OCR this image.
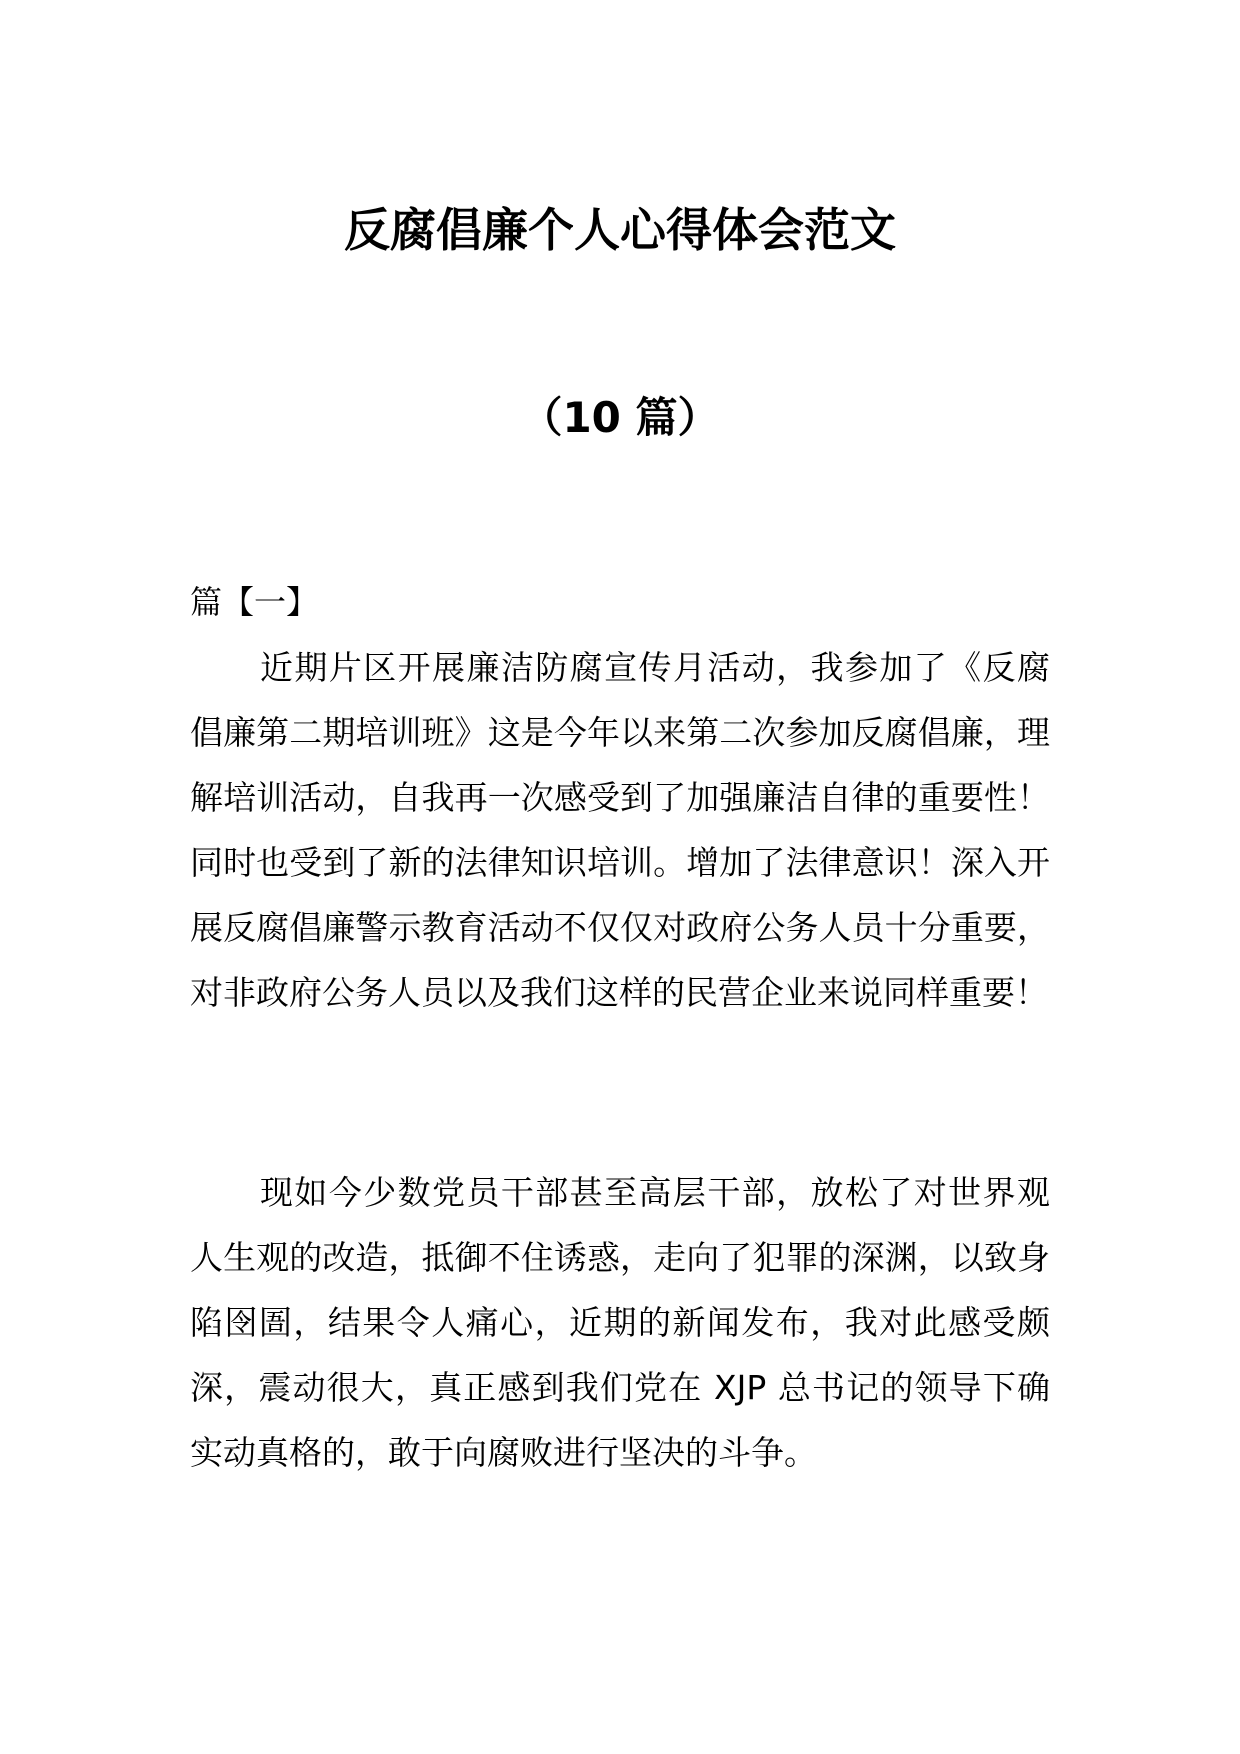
反腐倡廉个人心得体会范文
（10 篇）
篇【一】

近期片区开展廉洁防腐宣传月活动，我参加了《反腐倡廉第二期培训班》这是今年以来第二次参加反腐倡廉，理解培训活动，自我再一次感受到了加强廉洁自律的重要性！同时也受到了新的法律知识培训。增加了法律意识！深入开展反腐倡廉警示教育活动不仅仅对政府公务人员十分重要，对非政府公务人员以及我们这样的民营企业来说同样重要！

现如今少数党员干部甚至高层干部，放松了对世界观人生观的改造，抵御不住诱惑，走向了犯罪的深渊，以致身陷囹圄，结果令人痛心，近期的新闻发布，我对此感受颇深，震动很大，真正感到我们党在 XJP 总书记的领导下确实动真格的，敢于向腐败进行坚决的斗争。
